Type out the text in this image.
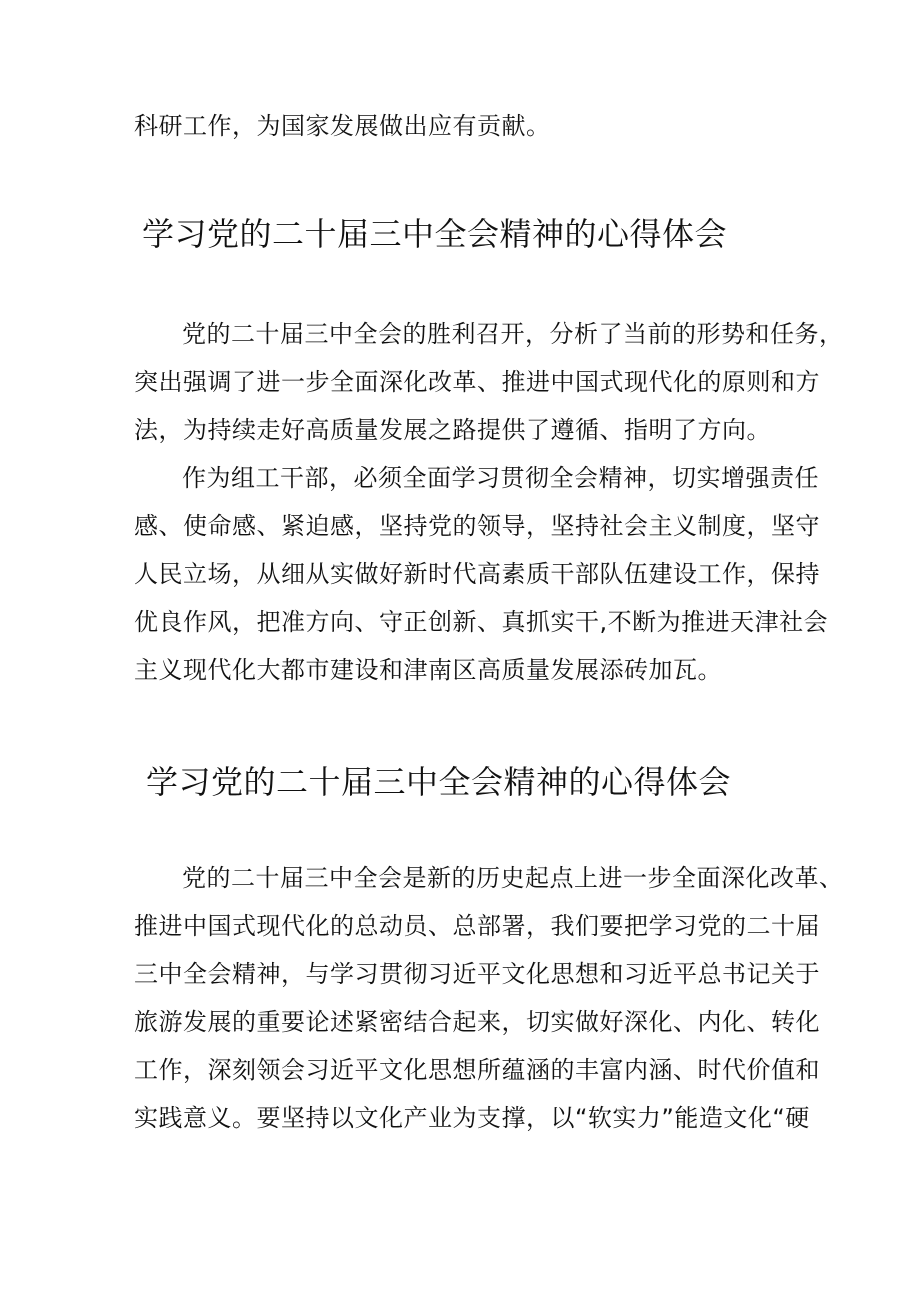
科研工作，为国家发展做出应有贡献。
学习党的二十届三中全会精神的心得体会
党的二十届三中全会的胜利召开，分析了当前的形势和任务，
突出强调了进一步全面深化改革、推进中国式现代化的原则和方
法，为持续走好高质量发展之路提供了遵循、指明了方向。
作为组工干部，必须全面学习贯彻全会精神，切实增强责任
感、使命感、紧迫感，坚持党的领导，坚持社会主义制度，坚守
人民立场，从细从实做好新时代高素质干部队伍建设工作，保持
优良作风，把准方向、守正创新、真抓实干,不断为推进天津社会
主义现代化大都市建设和津南区高质量发展添砖加瓦。
学习党的二十届三中全会精神的心得体会
党的二十届三中全会是新的历史起点上进一步全面深化改革、
推进中国式现代化的总动员、总部署，我们要把学习党的二十届
三中全会精神，与学习贯彻习近平文化思想和习近平总书记关于
旅游发展的重要论述紧密结合起来，切实做好深化、内化、转化
工作，深刻领会习近平文化思想所蕴涵的丰富内涵、时代价值和
实践意义。要坚持以文化产业为支撑，以“软实力”能造文化“硬
